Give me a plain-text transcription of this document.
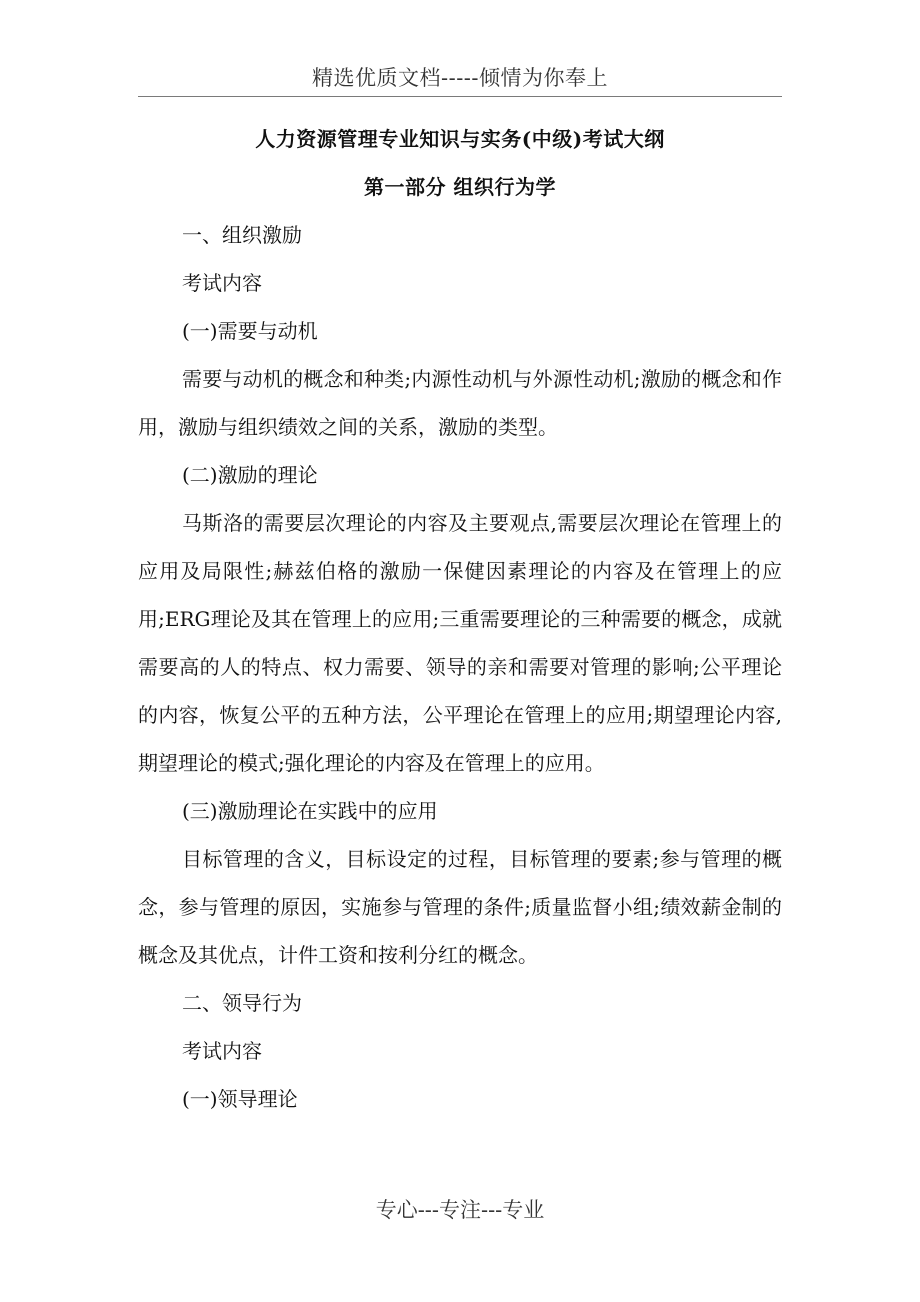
精选优质文档-----倾情为你奉上
人力资源管理专业知识与实务(中级)考试大纲
第一部分 组织行为学
一、组织激励

考试内容

(一)需要与动机

需要与动机的概念和种类;内源性动机与外源性动机;激励的概念和作用，激励与组织绩效之间的关系，激励的类型。

(二)激励的理论

马斯洛的需要层次理论的内容及主要观点,需要层次理论在管理上的应用及局限性;赫兹伯格的激励一保健因素理论的内容及在管理上的应用;ERG理论及其在管理上的应用;三重需要理论的三种需要的概念，成就需要高的人的特点、权力需要、领导的亲和需要对管理的影响;公平理论的内容，恢复公平的五种方法，公平理论在管理上的应用;期望理论内容,期望理论的模式;强化理论的内容及在管理上的应用。

(三)激励理论在实践中的应用

目标管理的含义，目标设定的过程，目标管理的要素;参与管理的概念，参与管理的原因，实施参与管理的条件;质量监督小组;绩效薪金制的概念及其优点，计件工资和按利分红的概念。

二、领导行为

考试内容

(一)领导理论
专心---专注---专业
